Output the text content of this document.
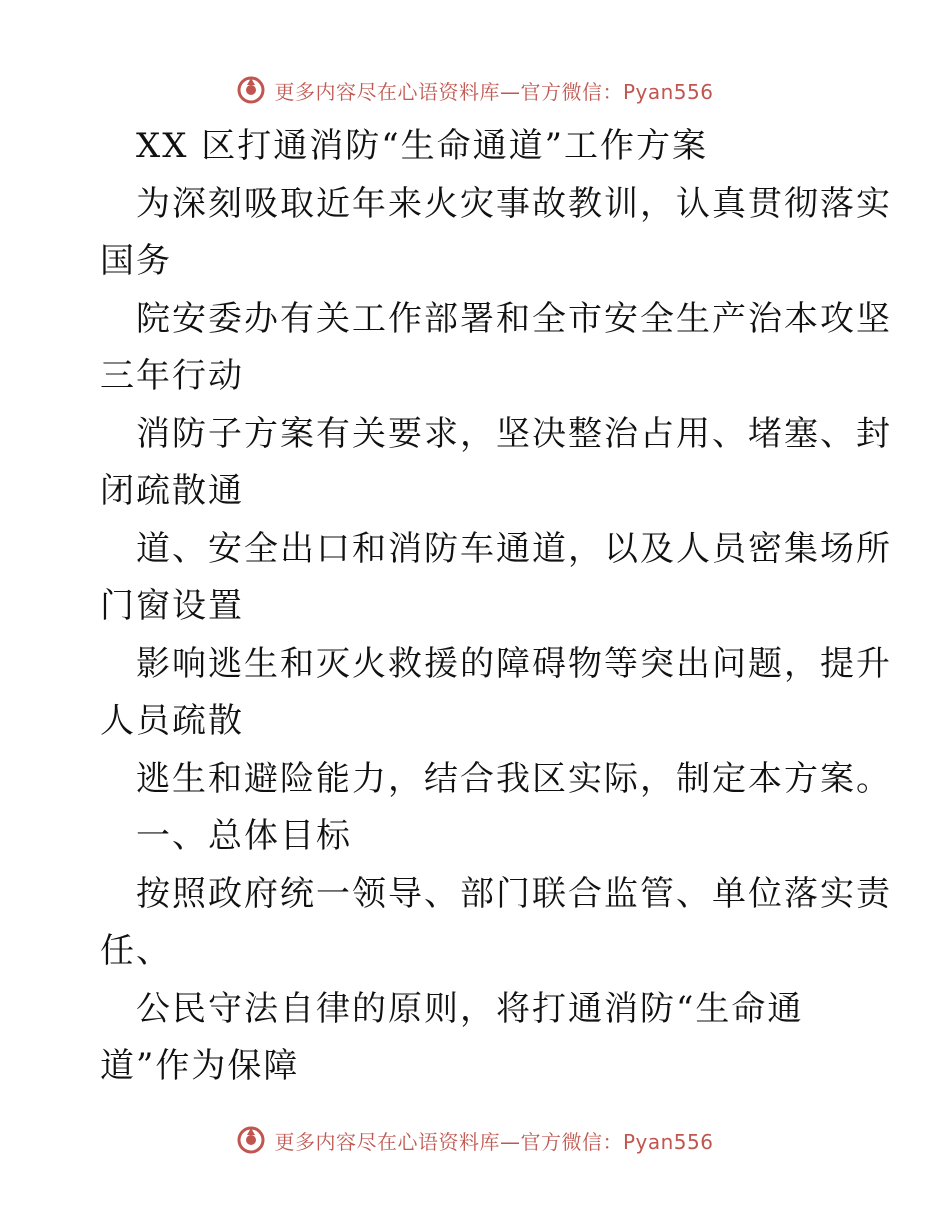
更多内容尽在心语资料库—官方微信：Pyan556
XX 区打通消防“生命通道”工作方案
为深刻吸取近年来火灾事故教训，认真贯彻落实
国务
院安委办有关工作部署和全市安全生产治本攻坚
三年行动
消防子方案有关要求，坚决整治占用、堵塞、封
闭疏散通
道、安全出口和消防车通道，以及人员密集场所
门窗设置
影响逃生和灭火救援的障碍物等突出问题，提升
人员疏散
逃生和避险能力，结合我区实际，制定本方案。
一、总体目标
按照政府统一领导、部门联合监管、单位落实责
任、
公民守法自律的原则，将打通消防“生命通
道”作为保障
更多内容尽在心语资料库—官方微信：Pyan556
